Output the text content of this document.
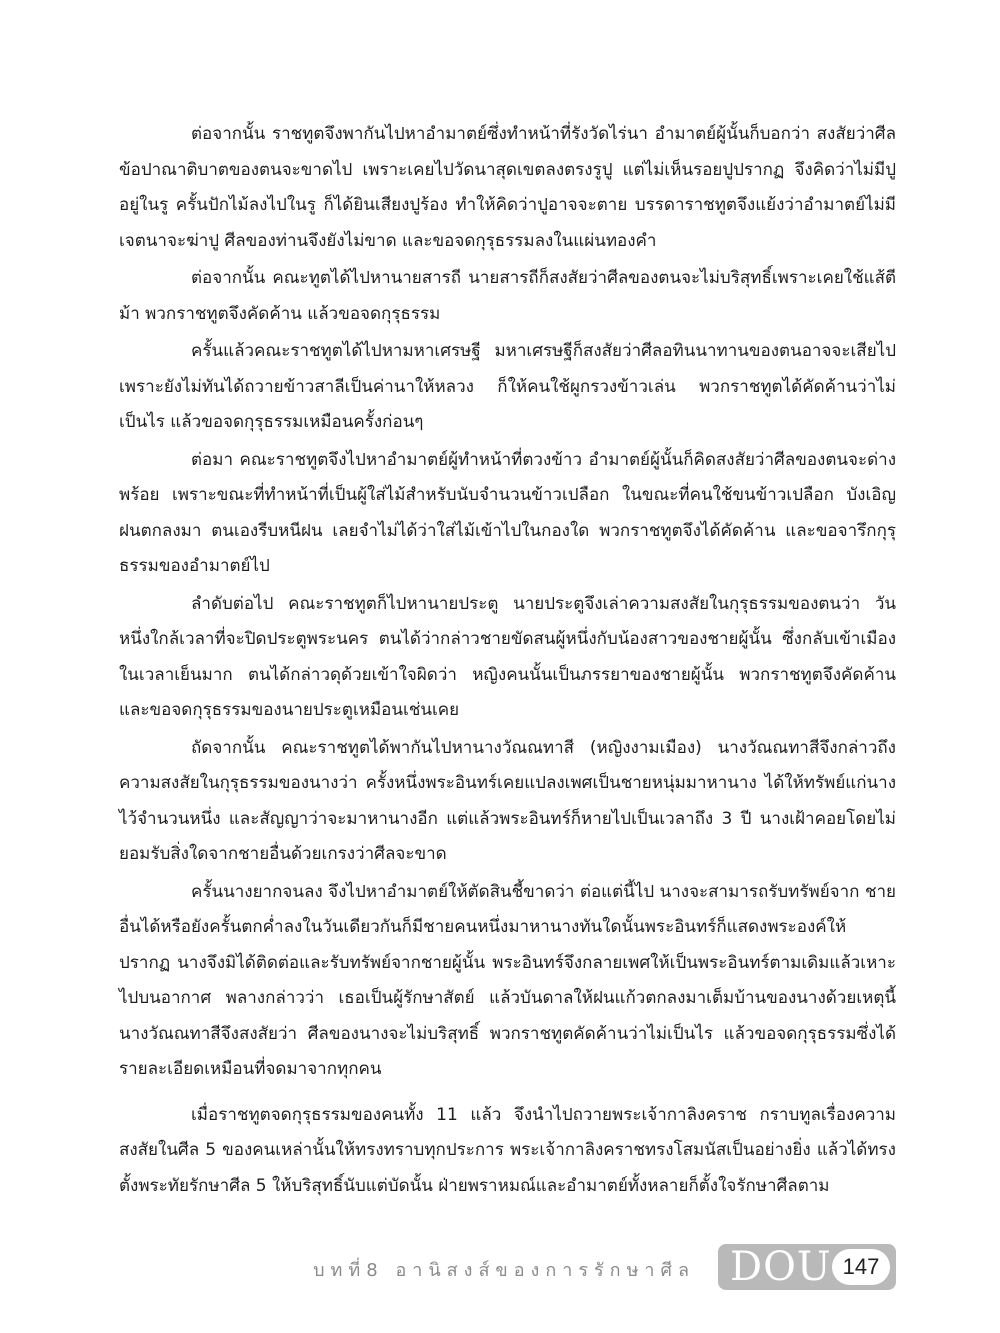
ต่อจากนั้น ราชทูตจึงพากันไปหาอำมาตย์ซึ่งทำหน้าที่รังวัดไร่นา อำมาตย์ผู้นั้นก็บอกว่า สงสัยว่าศีลข้อปาณาติบาตของตนจะขาดไป เพราะเคยไปวัดนาสุดเขตลงตรงรูปู แต่ไม่เห็นรอยปูปรากฏ จึงคิดว่าไม่มีปูอยู่ในรู ครั้นปักไม้ลงไปในรู ก็ได้ยินเสียงปูร้อง ทำให้คิดว่าปูอาจจะตาย บรรดาราชทูตจึงแย้งว่าอำมาตย์ไม่มีเจตนาจะฆ่าปู ศีลของท่านจึงยังไม่ขาด และขอจดกุรุธรรมลงในแผ่นทองคำ

ต่อจากนั้น คณะทูตได้ไปหานายสารถี นายสารถีก็สงสัยว่าศีลของตนจะไม่บริสุทธิ์เพราะเคยใช้แส้ตีม้า พวกราชทูตจึงคัดค้าน แล้วขอจดกุรุธรรม

ครั้นแล้วคณะราชทูตได้ไปหามหาเศรษฐี มหาเศรษฐีก็สงสัยว่าศีลอทินนาทานของตนอาจจะเสียไป เพราะยังไม่ทันได้ถวายข้าวสาลีเป็นค่านาให้หลวง ก็ให้คนใช้ผูกรวงข้าวเล่น พวกราชทูตได้คัดค้านว่าไม่เป็นไร แล้วขอจดกุรุธรรมเหมือนครั้งก่อนๆ

ต่อมา คณะราชทูตจึงไปหาอำมาตย์ผู้ทำหน้าที่ตวงข้าว อำมาตย์ผู้นั้นก็คิดสงสัยว่าศีลของตนจะด่างพร้อย เพราะขณะที่ทำหน้าที่เป็นผู้ใส่ไม้สำหรับนับจำนวนข้าวเปลือก ในขณะที่คนใช้ขนข้าวเปลือก บังเอิญฝนตกลงมา ตนเองรีบหนีฝน เลยจำไม่ได้ว่าใส่ไม้เข้าไปในกองใด พวกราชทูตจึงได้คัดค้าน และขอจารึกกุรุธรรมของอำมาตย์ไป

ลำดับต่อไป คณะราชทูตก็ไปหานายประตู นายประตูจึงเล่าความสงสัยในกุรุธรรมของตนว่า วันหนึ่งใกล้เวลาที่จะปิดประตูพระนคร ตนได้ว่ากล่าวชายขัดสนผู้หนึ่งกับน้องสาวของชายผู้นั้น ซึ่งกลับเข้าเมืองในเวลาเย็นมาก ตนได้กล่าวดุด้วยเข้าใจผิดว่า หญิงคนนั้นเป็นภรรยาของชายผู้นั้น พวกราชทูตจึงคัดค้าน และขอจดกุรุธรรมของนายประตูเหมือนเช่นเคย

ถัดจากนั้น คณะราชทูตได้พากันไปหานางวัณณทาสี (หญิงงามเมือง) นางวัณณทาสีจึงกล่าวถึงความสงสัยในกุรุธรรมของนางว่า ครั้งหนึ่งพระอินทร์เคยแปลงเพศเป็นชายหนุ่มมาหานาง ได้ให้ทรัพย์แก่นางไว้จำนวนหนึ่ง และสัญญาว่าจะมาหานางอีก แต่แล้วพระอินทร์ก็หายไปเป็นเวลาถึง 3 ปี นางเฝ้าคอยโดยไม่ยอมรับสิ่งใดจากชายอื่นด้วยเกรงว่าศีลจะขาด

ครั้นนางยากจนลง จึงไปหาอำมาตย์ให้ตัดสินชี้ขาดว่า ต่อแต่นี้ไป นางจะสามารถรับทรัพย์จาก ชายอื่นได้หรือยังครั้นตกค่ำลงในวันเดียวกันก็มีชายคนหนึ่งมาหานางทันใดนั้นพระอินทร์ก็แสดงพระองค์ให้ปรากฏ นางจึงมิได้ติดต่อและรับทรัพย์จากชายผู้นั้น พระอินทร์จึงกลายเพศให้เป็นพระอินทร์ตามเดิมแล้วเหาะไปบนอากาศ พลางกล่าวว่า เธอเป็นผู้รักษาสัตย์ แล้วบันดาลให้ฝนแก้วตกลงมาเต็มบ้านของนางด้วยเหตุนี้ นางวัณณทาสีจึงสงสัยว่า ศีลของนางจะไม่บริสุทธิ์ พวกราชทูตคัดค้านว่าไม่เป็นไร แล้วขอจดกุรุธรรมซึ่งได้รายละเอียดเหมือนที่จดมาจากทุกคน

เมื่อราชทูตจดกุรุธรรมของคนทั้ง 11 แล้ว จึงนำไปถวายพระเจ้ากาลิงคราช กราบทูลเรื่องความสงสัยในศีล 5 ของคนเหล่านั้นให้ทรงทราบทุกประการ พระเจ้ากาลิงคราชทรงโสมนัสเป็นอย่างยิ่ง แล้วได้ทรงตั้งพระทัยรักษาศีล 5 ให้บริสุทธิ์นับแต่บัดนั้น ฝ่ายพราหมณ์และอำมาตย์ทั้งหลายก็ตั้งใจรักษาศีลตาม

บทที่8 อานิสงส์ของการรักษาศีล DOU 147
